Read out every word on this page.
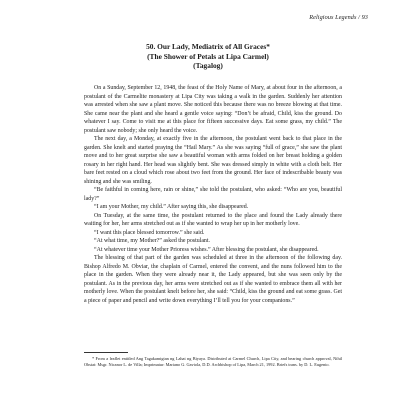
Religious Legends / 93
50. Our Lady, Mediatrix of All Graces*
(The Shower of Petals at Lipa Carmel)
(Tagalog)

On a Sunday, September 12, 1948, the feast of the Holy Name of Mary, at about four in the afternoon, a postulant of the Carmelite monastery at Lipa City was taking a walk in the garden. Suddenly her attention was arrested when she saw a plant move. She noticed this because there was no breeze blowing at that time. She came near the plant and she heard a gentle voice saying: “Don’t be afraid, Child, kiss the ground. Do whatever I say. Come to visit me at this place for fifteen successive days. Eat some grass, my child.” The postulant saw nobody; she only heard the voice.

The next day, a Monday, at exactly five in the afternoon, the postulant went back to that place in the garden. She knelt and started praying the “Hail Mary.” As she was saying “full of grace,” she saw the plant move and to her great surprise she saw a beautiful woman with arms folded on her breast holding a golden rosary in her right hand. Her head was slightly bent. She was dressed simply in white with a cloth belt. Her bare feet rested on a cloud which rose about two feet from the ground. Her face of indescribable beauty was shining and she was smiling.

“Be faithful in coming here, rain or shine,” she told the postulant, who asked: “Who are you, beautiful lady?”

“I am your Mother, my child.” After saying this, she disappeared.

On Tuesday, at the same time, the postulant returned to the place and found the Lady already there waiting for her, her arms stretched out as if she wanted to wrap her up in her motherly love.

“I want this place blessed tomorrow.” she said.

“At what time, my Mother?” asked the postulant.

“At whatever time your Mother Prioress wishes.” After blessing the postulant, she disappeared.

The blessing of that part of the garden was scheduled at three in the afternoon of the following day. Bishop Alfredo M. Obviar, the chaplain of Carmel, entered the convent, and the nuns followed him to the place in the garden. When they were already near it, the Lady appeared, but she was seen only by the postulant. As in the previous day, her arms were stretched out as if she wanted to embrace them all with her motherly love. When the postulant knelt before her, she said: “Child, kiss the ground and eat some grass. Get a piece of paper and pencil and write down everything I’ll tell you for your companions.”

* From a leaflet entitled Ang Tagakamigtan ng Lahat ng Biyaya. Distributed at Carmel Church, Lipa City, and bearing church approval, Nihil Obstat: Msgr. Nicanor L. de Villa; Imprimatur: Mariano G. Gaviola, D.D. Archbishop of Lipa, March 21, 1992. Briefs trans. by D. L. Eugenio.
